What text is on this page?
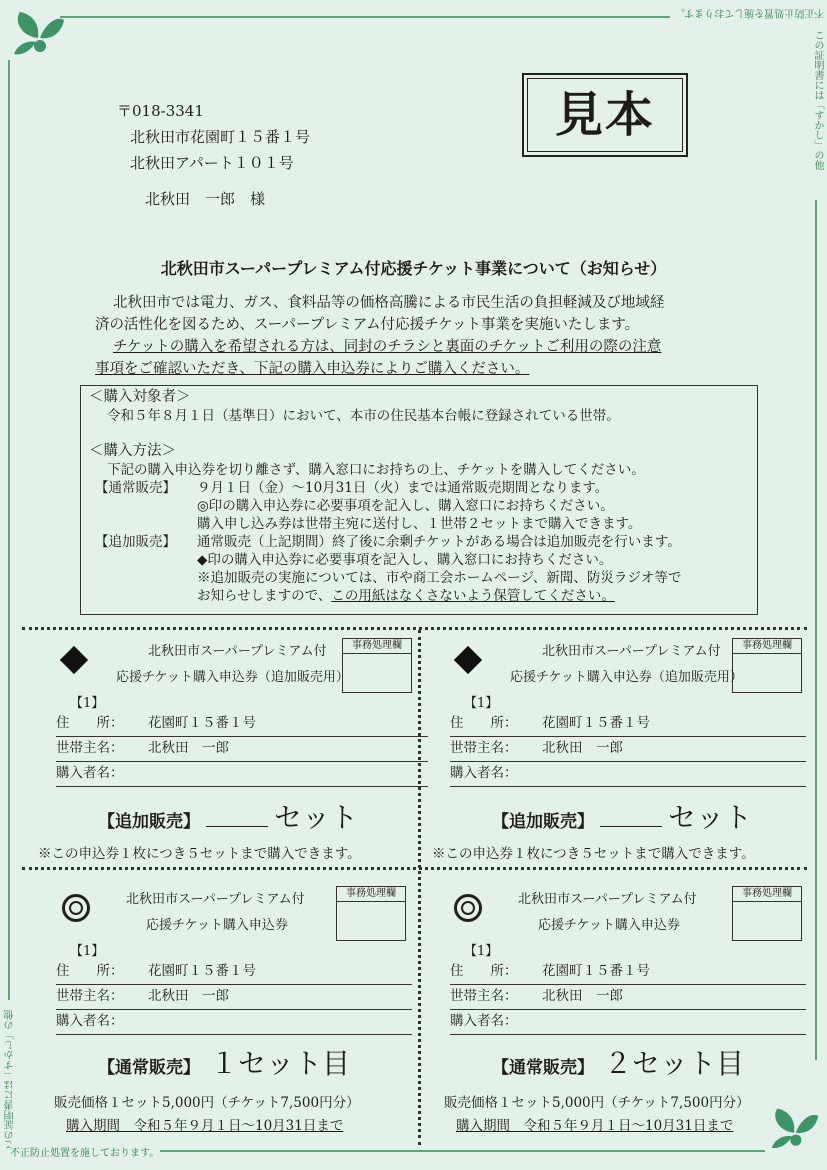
不正防止処置を施しております。
この証明書には「すかし」の他
不正防止処置を施しております。
この証明書には「すかし」の他
〒018-3341
北秋田市花園町１５番１号
北秋田アパート１０１号
北秋田　一郎　様
見本
北秋田市スーパープレミアム付応援チケット事業について（お知らせ）
北秋田市では電力、ガス、食料品等の価格高騰による市民生活の負担軽減及び地域経
済の活性化を図るため、スーパープレミアム付応援チケット事業を実施いたします。
チケットの購入を希望される方は、同封のチラシと裏面のチケットご利用の際の注意
事項をご確認いただき、下記の購入申込券によりご購入ください。
＜購入対象者＞
令和５年８月１日（基準日）において、本市の住民基本台帳に登録されている世帯。
＜購入方法＞
下記の購入申込券を切り離さず、購入窓口にお持ちの上、チケットを購入してください。
【通常販売】 ９月１日（金）～10月31日（火）までは通常販売期間となります。
◎印の購入申込券に必要事項を記入し、購入窓口にお持ちください。
購入申し込み券は世帯主宛に送付し、１世帯２セットまで購入できます。
【追加販売】 通常販売（上記期間）終了後に余剰チケットがある場合は追加販売を行います。
◆印の購入申込券に必要事項を記入し、購入窓口にお持ちください。
※追加販売の実施については、市や商工会ホームページ、新聞、防災ラジオ等で
お知らせしますので、この用紙はなくさないよう保管してください。
北秋田市スーパープレミアム付
応援チケット購入申込券（追加販売用）
事務処理欄
【1】
住　　所： 花園町１５番１号
世帯主名： 北秋田　一郎
購入者名：
【追加販売】	セット
※この申込券１枚につき５セットまで購入できます。
北秋田市スーパープレミアム付
応援チケット購入申込券（追加販売用）
事務処理欄
【1】
住　　所： 花園町１５番１号
世帯主名： 北秋田　一郎
購入者名：
【追加販売】	セット
※この申込券１枚につき５セットまで購入できます。
北秋田市スーパープレミアム付
応援チケット購入申込券
事務処理欄
【1】
住　　所： 花園町１５番１号
世帯主名： 北秋田　一郎
購入者名：
【通常販売】 １セット目
販売価格１セット5,000円（チケット7,500円分）
購入期間　 令和５年９月１日～10月31日まで
北秋田市スーパープレミアム付
応援チケット購入申込券
事務処理欄
【1】
住　　所： 花園町１５番１号
世帯主名： 北秋田　一郎
購入者名：
【通常販売】 ２セット目
販売価格１セット5,000円（チケット7,500円分）
購入期間　 令和５年９月１日～10月31日まで
